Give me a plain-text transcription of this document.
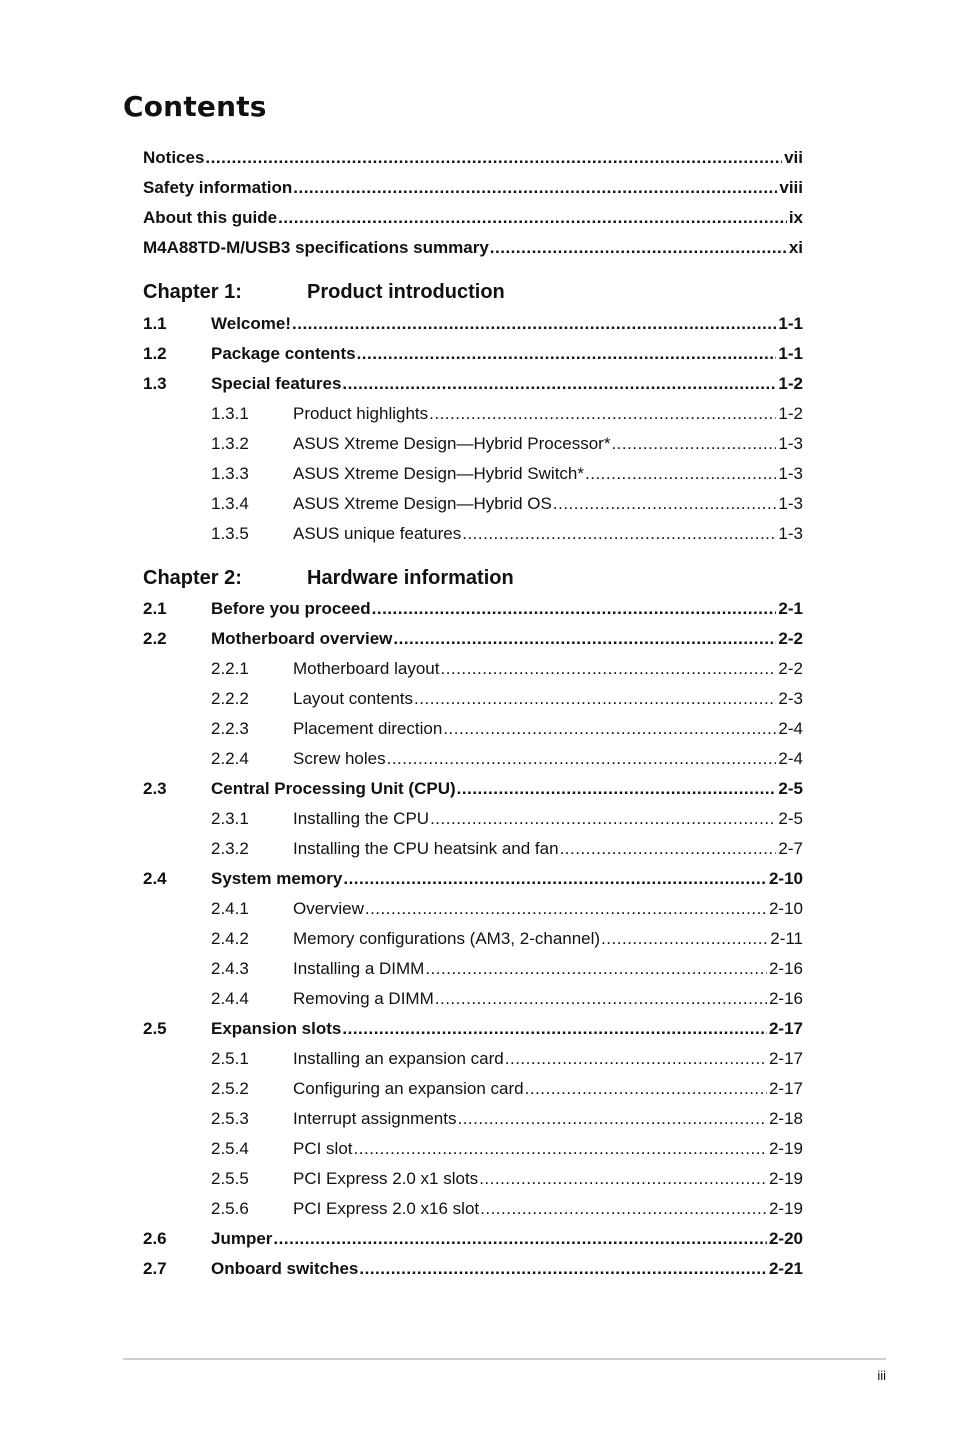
Contents
Notices .....	vii
Safety information .....	viii
About this guide .....	ix
M4A88TD-M/USB3 specifications summary .....	xi
Chapter 1:	Product introduction
1.1	Welcome! .....	1-1
1.2	Package contents .....	1-1
1.3	Special features .....	1-2
1.3.1	Product highlights .....	1-2
1.3.2	ASUS Xtreme Design—Hybrid Processor* .....	1-3
1.3.3	ASUS Xtreme Design—Hybrid Switch* .....	1-3
1.3.4	ASUS Xtreme Design—Hybrid OS .....	1-3
1.3.5	ASUS unique features .....	1-3
Chapter 2:	Hardware information
2.1	Before you proceed .....	2-1
2.2	Motherboard overview .....	2-2
2.2.1	Motherboard layout .....	2-2
2.2.2	Layout contents .....	2-3
2.2.3	Placement direction .....	2-4
2.2.4	Screw holes .....	2-4
2.3	Central Processing Unit (CPU) .....	2-5
2.3.1	Installing the CPU .....	2-5
2.3.2	Installing the CPU heatsink and fan .....	2-7
2.4	System memory .....	2-10
2.4.1	Overview .....	2-10
2.4.2	Memory configurations (AM3, 2-channel) .....	2-11
2.4.3	Installing a DIMM .....	2-16
2.4.4	Removing a DIMM .....	2-16
2.5	Expansion slots .....	2-17
2.5.1	Installing an expansion card .....	2-17
2.5.2	Configuring an expansion card .....	2-17
2.5.3	Interrupt assignments .....	2-18
2.5.4	PCI slot .....	2-19
2.5.5	PCI Express 2.0 x1 slots .....	2-19
2.5.6	PCI Express 2.0 x16 slot .....	2-19
2.6	Jumper .....	2-20
2.7	Onboard switches .....	2-21
iii
